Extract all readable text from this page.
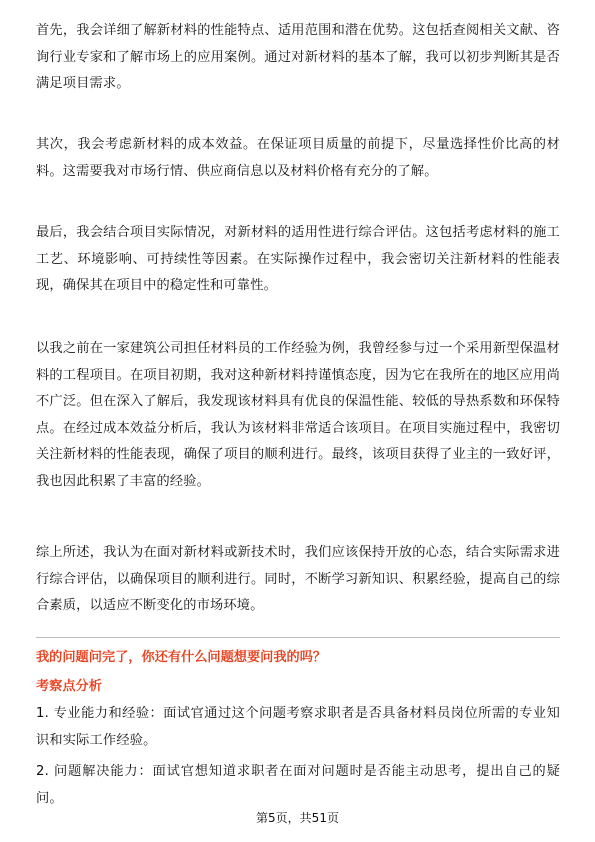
首先，我会详细了解新材料的性能特点、适用范围和潜在优势。这包括查阅相关文献、咨询行业专家和了解市场上的应用案例。通过对新材料的基本了解，我可以初步判断其是否满足项目需求。

其次，我会考虑新材料的成本效益。在保证项目质量的前提下，尽量选择性价比高的材料。这需要我对市场行情、供应商信息以及材料价格有充分的了解。

最后，我会结合项目实际情况，对新材料的适用性进行综合评估。这包括考虑材料的施工工艺、环境影响、可持续性等因素。在实际操作过程中，我会密切关注新材料的性能表现，确保其在项目中的稳定性和可靠性。

以我之前在一家建筑公司担任材料员的工作经验为例，我曾经参与过一个采用新型保温材料的工程项目。在项目初期，我对这种新材料持谨慎态度，因为它在我所在的地区应用尚不广泛。但在深入了解后，我发现该材料具有优良的保温性能、较低的导热系数和环保特点。在经过成本效益分析后，我认为该材料非常适合该项目。在项目实施过程中，我密切关注新材料的性能表现，确保了项目的顺利进行。最终，该项目获得了业主的一致好评，我也因此积累了丰富的经验。

综上所述，我认为在面对新材料或新技术时，我们应该保持开放的心态，结合实际需求进行综合评估，以确保项目的顺利进行。同时，不断学习新知识、积累经验，提高自己的综合素质，以适应不断变化的市场环境。

我的问题问完了，你还有什么问题想要问我的吗？

考察点分析

1. 专业能力和经验：面试官通过这个问题考察求职者是否具备材料员岗位所需的专业知识和实际工作经验。

2. 问题解决能力：面试官想知道求职者在面对问题时是否能主动思考，提出自己的疑问。

第5页，共51页
